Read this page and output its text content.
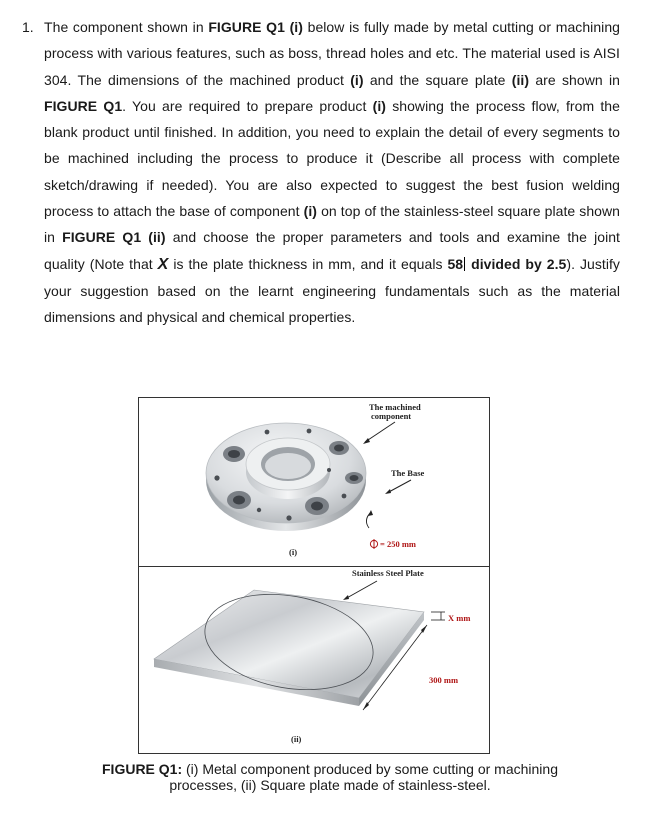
1. The component shown in FIGURE Q1 (i) below is fully made by metal cutting or machining process with various features, such as boss, thread holes and etc. The material used is AISI 304. The dimensions of the machined product (i) and the square plate (ii) are shown in FIGURE Q1. You are required to prepare product (i) showing the process flow, from the blank product until finished. In addition, you need to explain the detail of every segments to be machined including the process to produce it (Describe all process with complete sketch/drawing if needed). You are also expected to suggest the best fusion welding process to attach the base of component (i) on top of the stainless-steel square plate shown in FIGURE Q1 (ii) and choose the proper parameters and tools and examine the joint quality (Note that X is the plate thickness in mm, and it equals 58 divided by 2.5). Justify your suggestion based on the learnt engineering fundamentals such as the material dimensions and physical and chemical properties.
The machined
component
The Base
= 250 mm
(i)
Stainless Steel Plate
X mm
300 mm
(ii)
FIGURE Q1: (i) Metal component produced by some cutting or machining
processes, (ii) Square plate made of stainless-steel.
